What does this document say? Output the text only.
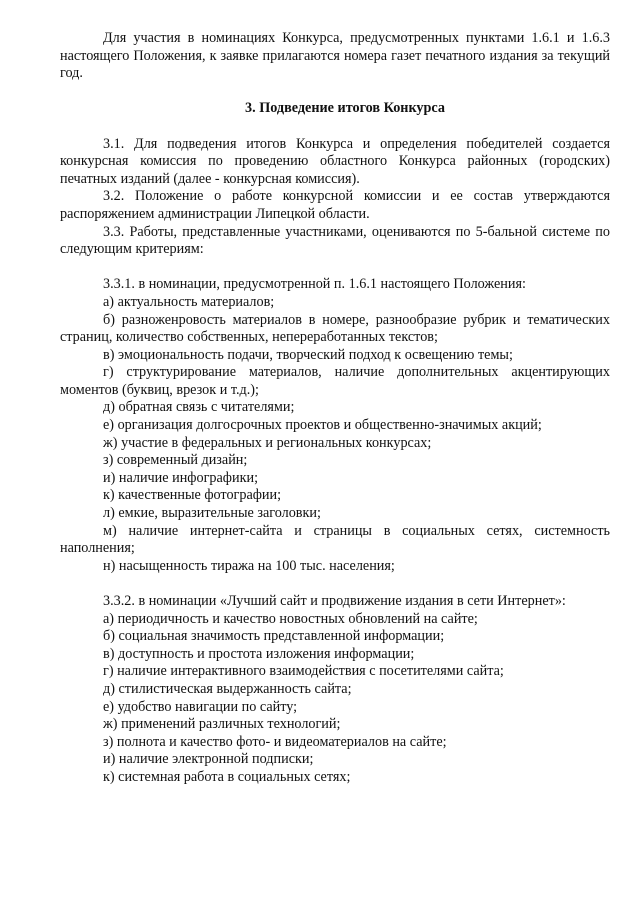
Для участия в номинациях Конкурса, предусмотренных пунктами 1.6.1 и 1.6.3 настоящего Положения, к заявке прилагаются номера газет печатного издания за текущий год.

3. Подведение итогов Конкурса

3.1. Для подведения итогов Конкурса и определения победителей создается конкурсная комиссия по проведению областного Конкурса районных (городских) печатных изданий (далее - конкурсная комиссия).

3.2. Положение о работе конкурсной комиссии и ее состав утверждаются распоряжением администрации Липецкой области.

3.3. Работы, представленные участниками, оцениваются по 5-бальной системе по следующим критериям:

3.3.1. в номинации, предусмотренной п. 1.6.1 настоящего Положения:

а) актуальность материалов;

б) разноженровость материалов в номере, разнообразие рубрик и тематических страниц, количество собственных, непереработанных текстов;

в) эмоциональность подачи, творческий подход к освещению темы;

г) структурирование материалов, наличие дополнительных акцентирующих моментов (буквиц, врезок и т.д.);

д) обратная связь с читателями;

е) организация долгосрочных проектов и общественно-значимых акций;

ж) участие в федеральных и региональных конкурсах;

з) современный дизайн;

и) наличие инфографики;

к) качественные фотографии;

л) емкие, выразительные заголовки;

м) наличие интернет-сайта и страницы в социальных сетях, системность наполнения;

н) насыщенность тиража на 100 тыс. населения;

3.3.2. в номинации «Лучший сайт и продвижение издания в сети Интернет»:

а) периодичность и качество новостных обновлений на сайте;

б) социальная значимость представленной информации;

в) доступность и простота изложения информации;

г) наличие интерактивного взаимодействия с посетителями сайта;

д) стилистическая выдержанность сайта;

е) удобство навигации по сайту;

ж) применений различных технологий;

з) полнота и качество фото- и видеоматериалов на сайте;

и) наличие электронной подписки;

к) системная работа в социальных сетях;
